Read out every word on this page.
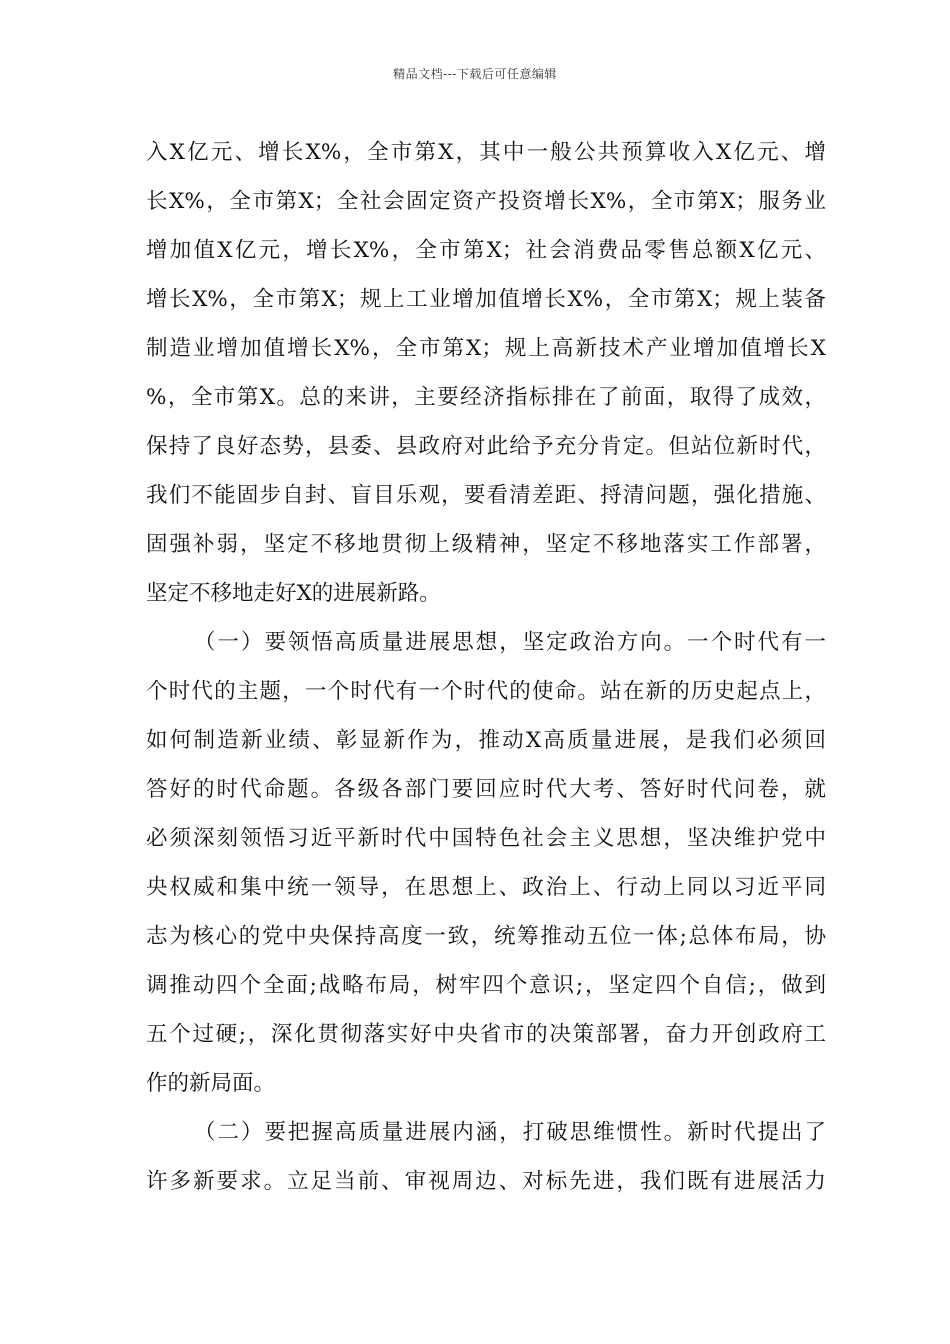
精品文档---下载后可任意编辑
入X亿元、增长X%，全市第X，其中一般公共预算收入X亿元、增
长X%，全市第X；全社会固定资产投资增长X%，全市第X；服务业
增加值X亿元，增长X%，全市第X；社会消费品零售总额X亿元、
增长X%，全市第X；规上工业增加值增长X%，全市第X；规上装备
制造业增加值增长X%，全市第X；规上高新技术产业增加值增长X
%，全市第X。总的来讲，主要经济指标排在了前面，取得了成效，
保持了良好态势，县委、县政府对此给予充分肯定。但站位新时代，
我们不能固步自封、盲目乐观，要看清差距、捋清问题，强化措施、
固强补弱，坚定不移地贯彻上级精神，坚定不移地落实工作部署，
坚定不移地走好X的进展新路。
（一）要领悟高质量进展思想，坚定政治方向。一个时代有一
个时代的主题，一个时代有一个时代的使命。站在新的历史起点上，
如何制造新业绩、彰显新作为，推动X高质量进展，是我们必须回
答好的时代命题。各级各部门要回应时代大考、答好时代问卷，就
必须深刻领悟习近平新时代中国特色社会主义思想，坚决维护党中
央权威和集中统一领导，在思想上、政治上、行动上同以习近平同
志为核心的党中央保持高度一致，统筹推动五位一体;总体布局，协
调推动四个全面;战略布局，树牢四个意识;，坚定四个自信;，做到
五个过硬;，深化贯彻落实好中央省市的决策部署，奋力开创政府工
作的新局面。
（二）要把握高质量进展内涵，打破思维惯性。新时代提出了
许多新要求。立足当前、审视周边、对标先进，我们既有进展活力
